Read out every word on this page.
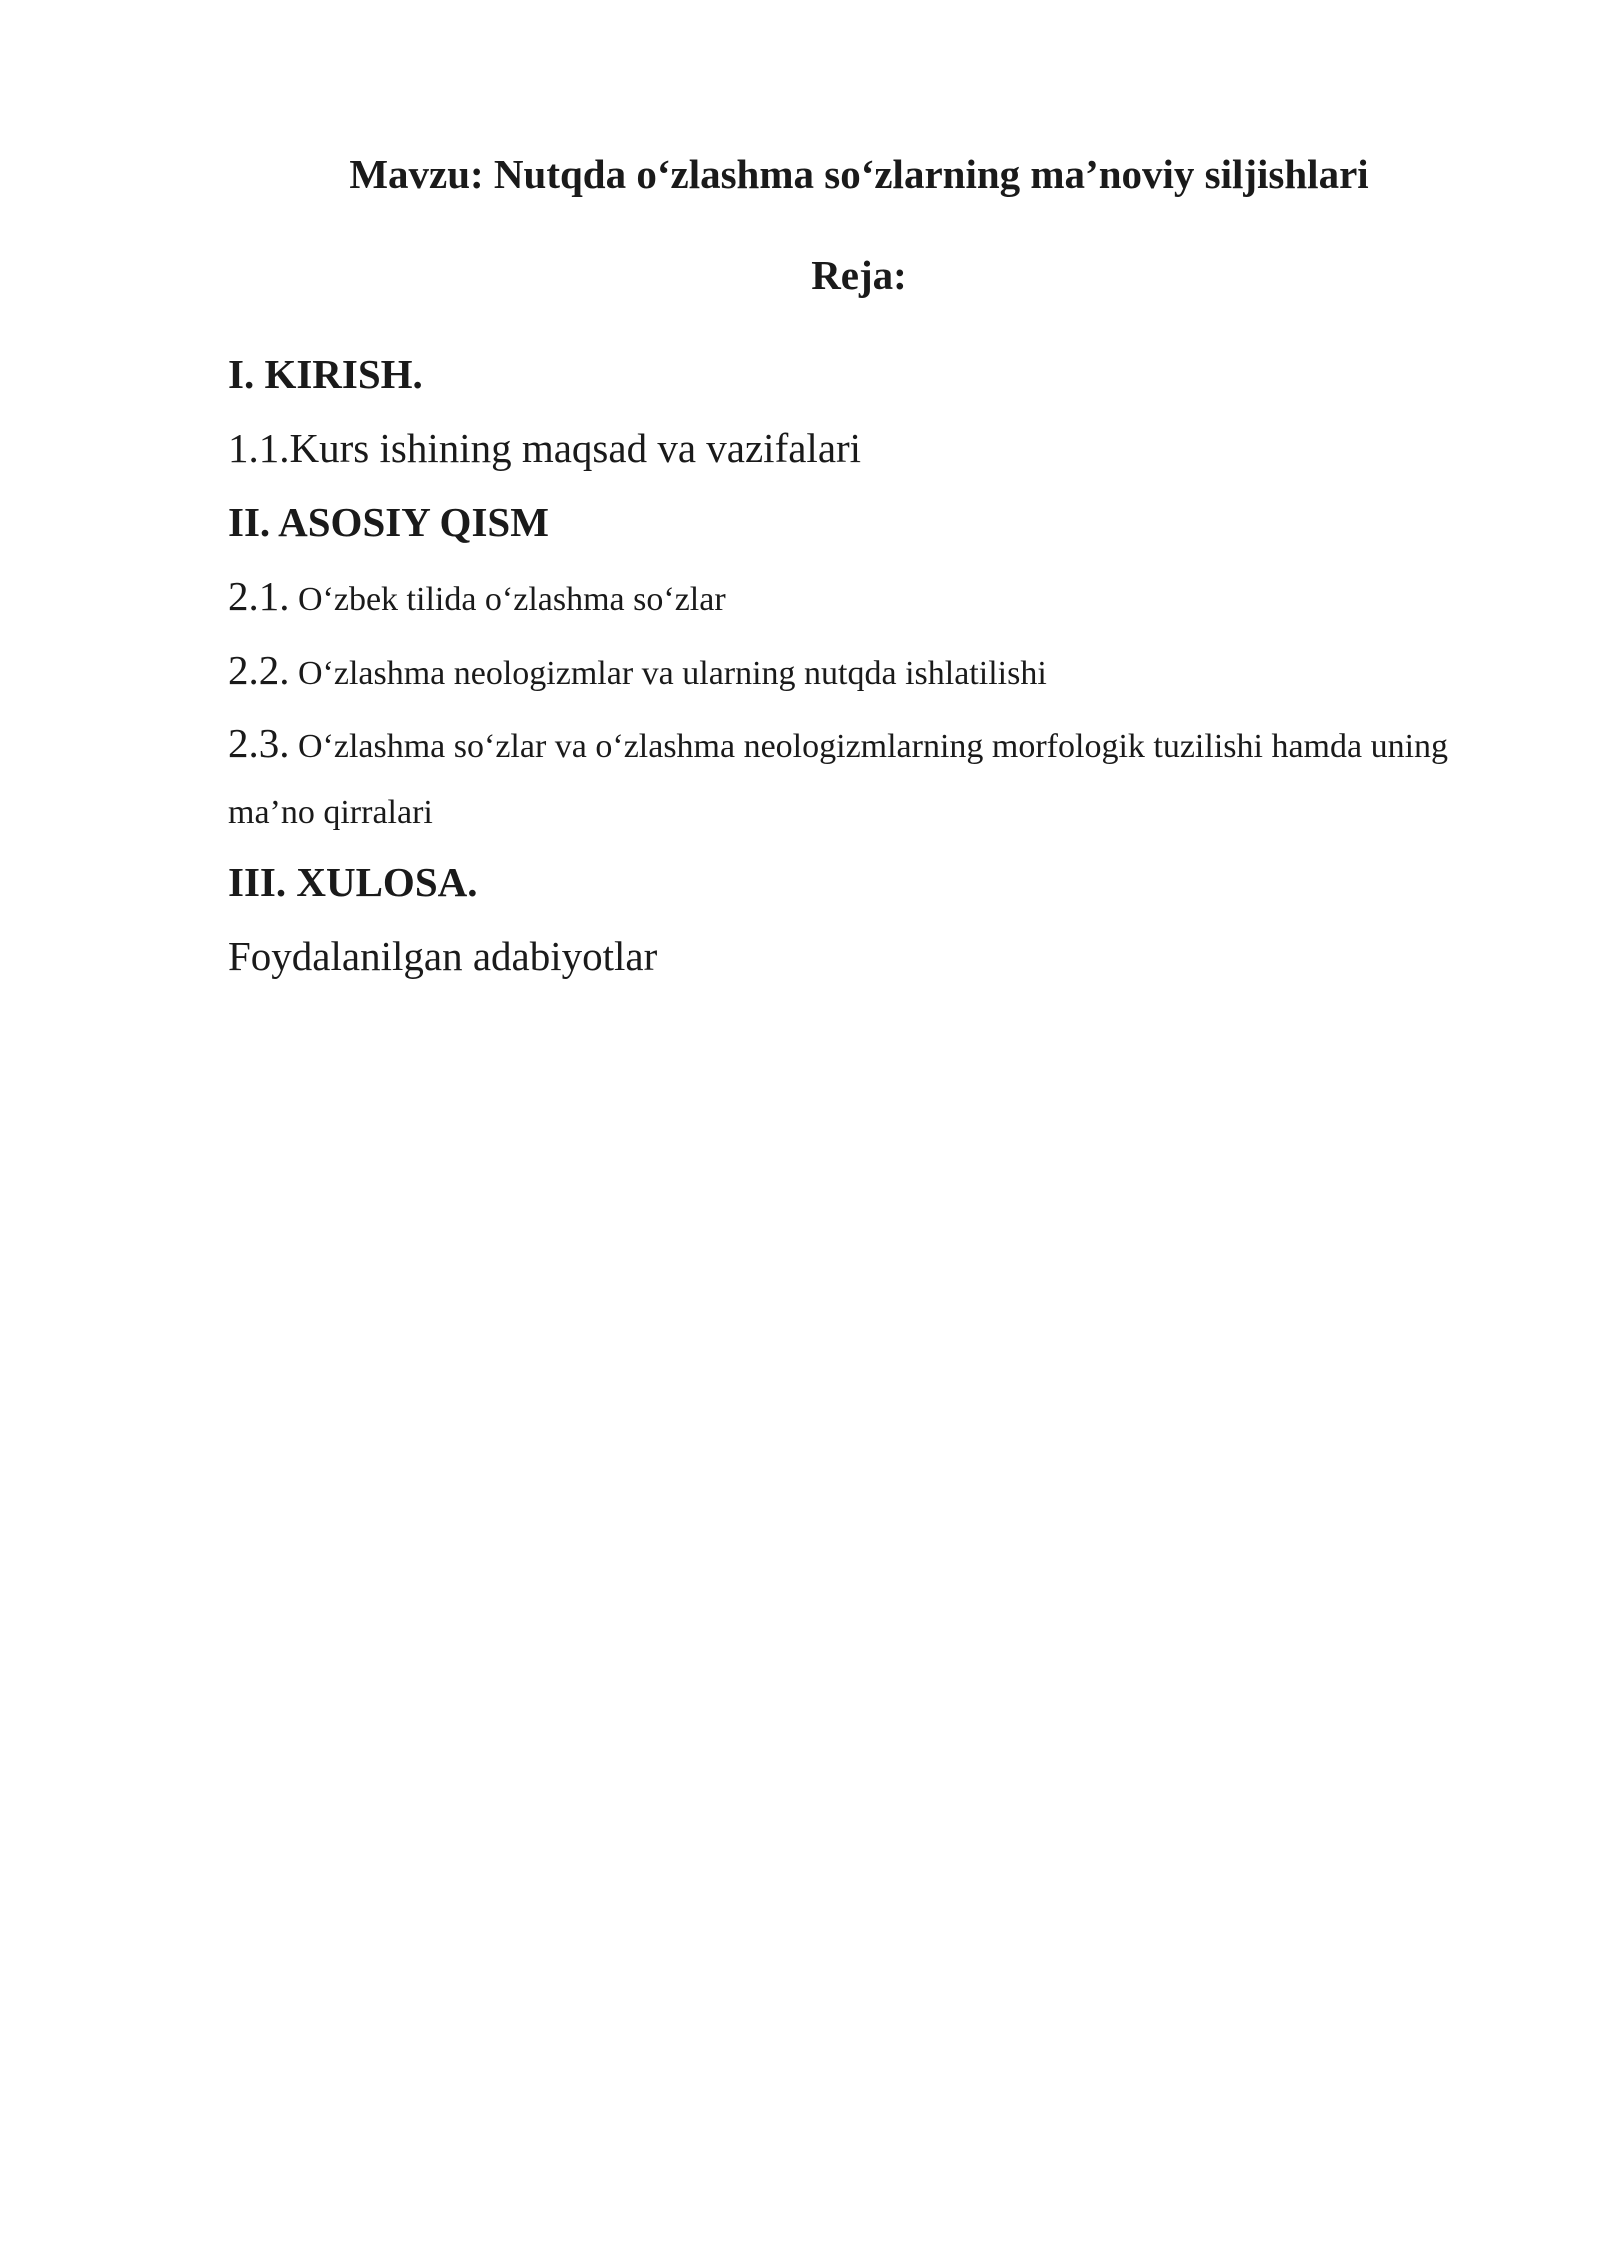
Mavzu: Nutqda o‘zlashma so‘zlarning ma’noviy siljishlari
Reja:
I. KIRISH.
1.1.Kurs ishining maqsad va vazifalari
II. ASOSIY QISM
2.1. O‘zbek tilida o‘zlashma so‘zlar
2.2. O‘zlashma neologizmlar va ularning nutqda ishlatilishi
2.3. O‘zlashma so‘zlar va o‘zlashma neologizmlarning morfologik tuzilishi hamda uning ma’no qirralari
III. XULOSA.
Foydalanilgan adabiyotlar
